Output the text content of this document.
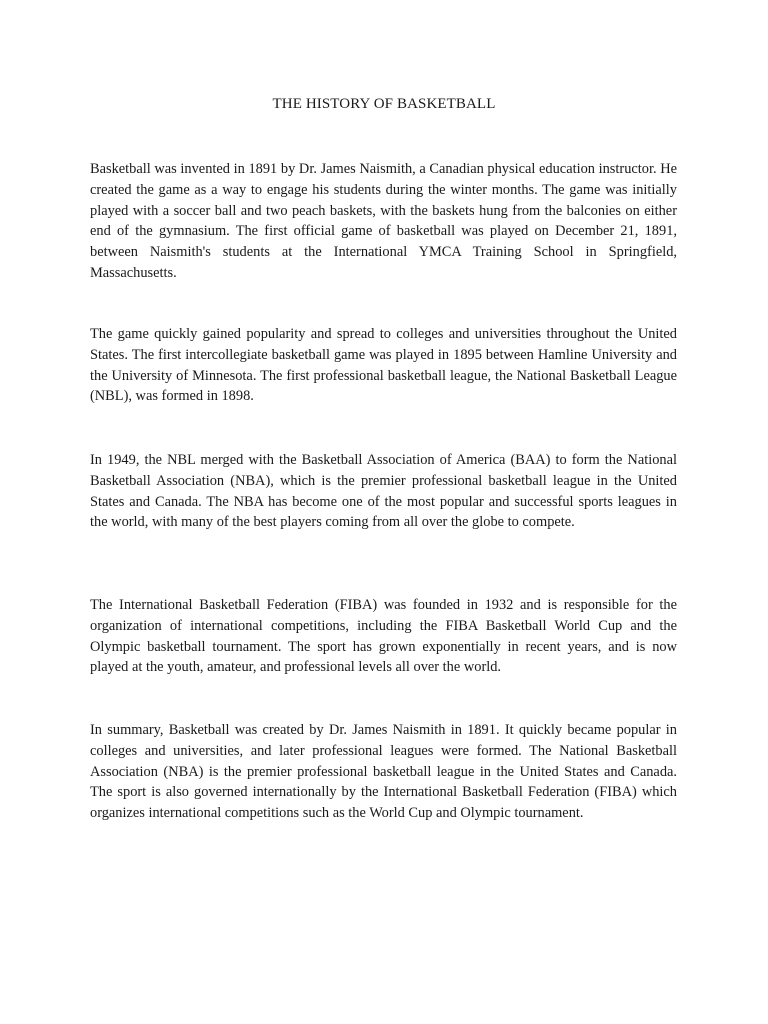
THE HISTORY OF BASKETBALL

Basketball was invented in 1891 by Dr. James Naismith, a Canadian physical education instructor. He created the game as a way to engage his students during the winter months. The game was initially played with a soccer ball and two peach baskets, with the baskets hung from the balconies on either end of the gymnasium. The first official game of basketball was played on December 21, 1891, between Naismith's students at the International YMCA Training School in Springfield, Massachusetts.

The game quickly gained popularity and spread to colleges and universities throughout the United States. The first intercollegiate basketball game was played in 1895 between Hamline University and the University of Minnesota. The first professional basketball league, the National Basketball League (NBL), was formed in 1898.

In 1949, the NBL merged with the Basketball Association of America (BAA) to form the National Basketball Association (NBA), which is the premier professional basketball league in the United States and Canada. The NBA has become one of the most popular and successful sports leagues in the world, with many of the best players coming from all over the globe to compete.

The International Basketball Federation (FIBA) was founded in 1932 and is responsible for the organization of international competitions, including the FIBA Basketball World Cup and the Olympic basketball tournament. The sport has grown exponentially in recent years, and is now played at the youth, amateur, and professional levels all over the world.

In summary, Basketball was created by Dr. James Naismith in 1891. It quickly became popular in colleges and universities, and later professional leagues were formed. The National Basketball Association (NBA) is the premier professional basketball league in the United States and Canada. The sport is also governed internationally by the International Basketball Federation (FIBA) which organizes international competitions such as the World Cup and Olympic tournament.
